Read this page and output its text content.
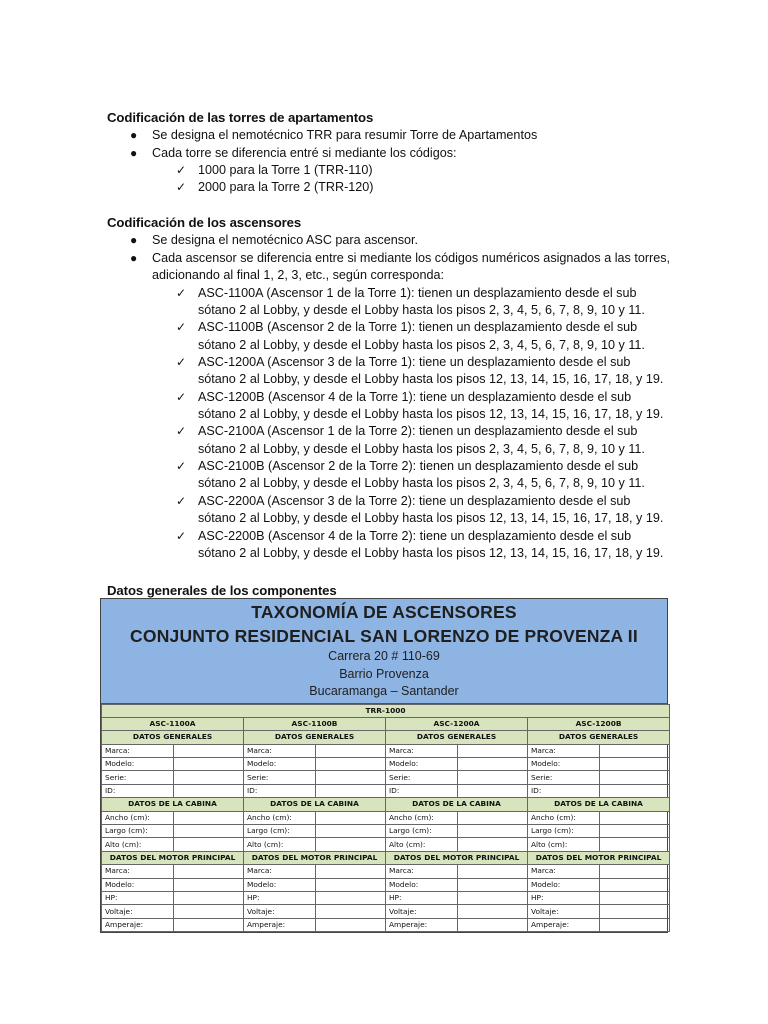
Codificación de las torres de apartamentos
● Se designa el nemotécnico TRR para resumir Torre de Apartamentos
● Cada torre se diferencia entré si mediante los códigos:
✓ 1000 para la Torre 1 (TRR-110)
✓ 2000 para la Torre 2 (TRR-120)
Codificación de los ascensores
● Se designa el nemotécnico ASC para ascensor.
● Cada ascensor se diferencia entre si mediante los códigos numéricos asignados a las torres,
adicionando al final 1, 2, 3, etc., según corresponda:
✓ ASC-1100A (Ascensor 1 de la Torre 1): tienen un desplazamiento desde el sub
sótano 2 al Lobby, y desde el Lobby hasta los pisos 2, 3, 4, 5, 6, 7, 8, 9, 10 y 11.
✓ ASC-1100B (Ascensor 2 de la Torre 1): tienen un desplazamiento desde el sub
sótano 2 al Lobby, y desde el Lobby hasta los pisos 2, 3, 4, 5, 6, 7, 8, 9, 10 y 11.
✓ ASC-1200A (Ascensor 3 de la Torre 1): tiene un desplazamiento desde el sub
sótano 2 al Lobby, y desde el Lobby hasta los pisos 12, 13, 14, 15, 16, 17, 18, y 19.
✓ ASC-1200B (Ascensor 4 de la Torre 1): tiene un desplazamiento desde el sub
sótano 2 al Lobby, y desde el Lobby hasta los pisos 12, 13, 14, 15, 16, 17, 18, y 19.
✓ ASC-2100A (Ascensor 1 de la Torre 2): tienen un desplazamiento desde el sub
sótano 2 al Lobby, y desde el Lobby hasta los pisos 2, 3, 4, 5, 6, 7, 8, 9, 10 y 11.
✓ ASC-2100B (Ascensor 2 de la Torre 2): tienen un desplazamiento desde el sub
sótano 2 al Lobby, y desde el Lobby hasta los pisos 2, 3, 4, 5, 6, 7, 8, 9, 10 y 11.
✓ ASC-2200A (Ascensor 3 de la Torre 2): tiene un desplazamiento desde el sub
sótano 2 al Lobby, y desde el Lobby hasta los pisos 12, 13, 14, 15, 16, 17, 18, y 19.
✓ ASC-2200B (Ascensor 4 de la Torre 2): tiene un desplazamiento desde el sub
sótano 2 al Lobby, y desde el Lobby hasta los pisos 12, 13, 14, 15, 16, 17, 18, y 19.
Datos generales de los componentes
TAXONOMÍA DE ASCENSORES
CONJUNTO RESIDENCIAL SAN LORENZO DE PROVENZA II
Carrera 20 # 110-69
Barrio Provenza
Bucaramanga – Santander
TRR-1000							
ASC-1100A		ASC-1100B		ASC-1200A		ASC-1200B	
DATOS GENERALES		DATOS GENERALES		DATOS GENERALES		DATOS GENERALES	
Marca:		Marca:		Marca:		Marca:	
Modelo:		Modelo:		Modelo:		Modelo:	
Serie:		Serie:		Serie:		Serie:	
ID:		ID:		ID:		ID:	
DATOS DE LA CABINA		DATOS DE LA CABINA		DATOS DE LA CABINA		DATOS DE LA CABINA	
Ancho (cm):		Ancho (cm):		Ancho (cm):		Ancho (cm):	
Largo (cm):		Largo (cm):		Largo (cm):		Largo (cm):	
Alto (cm):		Alto (cm):		Alto (cm):		Alto (cm):	
DATOS DEL MOTOR PRINCIPAL		DATOS DEL MOTOR PRINCIPAL		DATOS DEL MOTOR PRINCIPAL		DATOS DEL MOTOR PRINCIPAL	
Marca:		Marca:		Marca:		Marca:	
Modelo:		Modelo:		Modelo:		Modelo:	
HP:		HP:		HP:		HP:	
Voltaje:		Voltaje:		Voltaje:		Voltaje:	
Amperaje:		Amperaje:		Amperaje:		Amperaje:	
